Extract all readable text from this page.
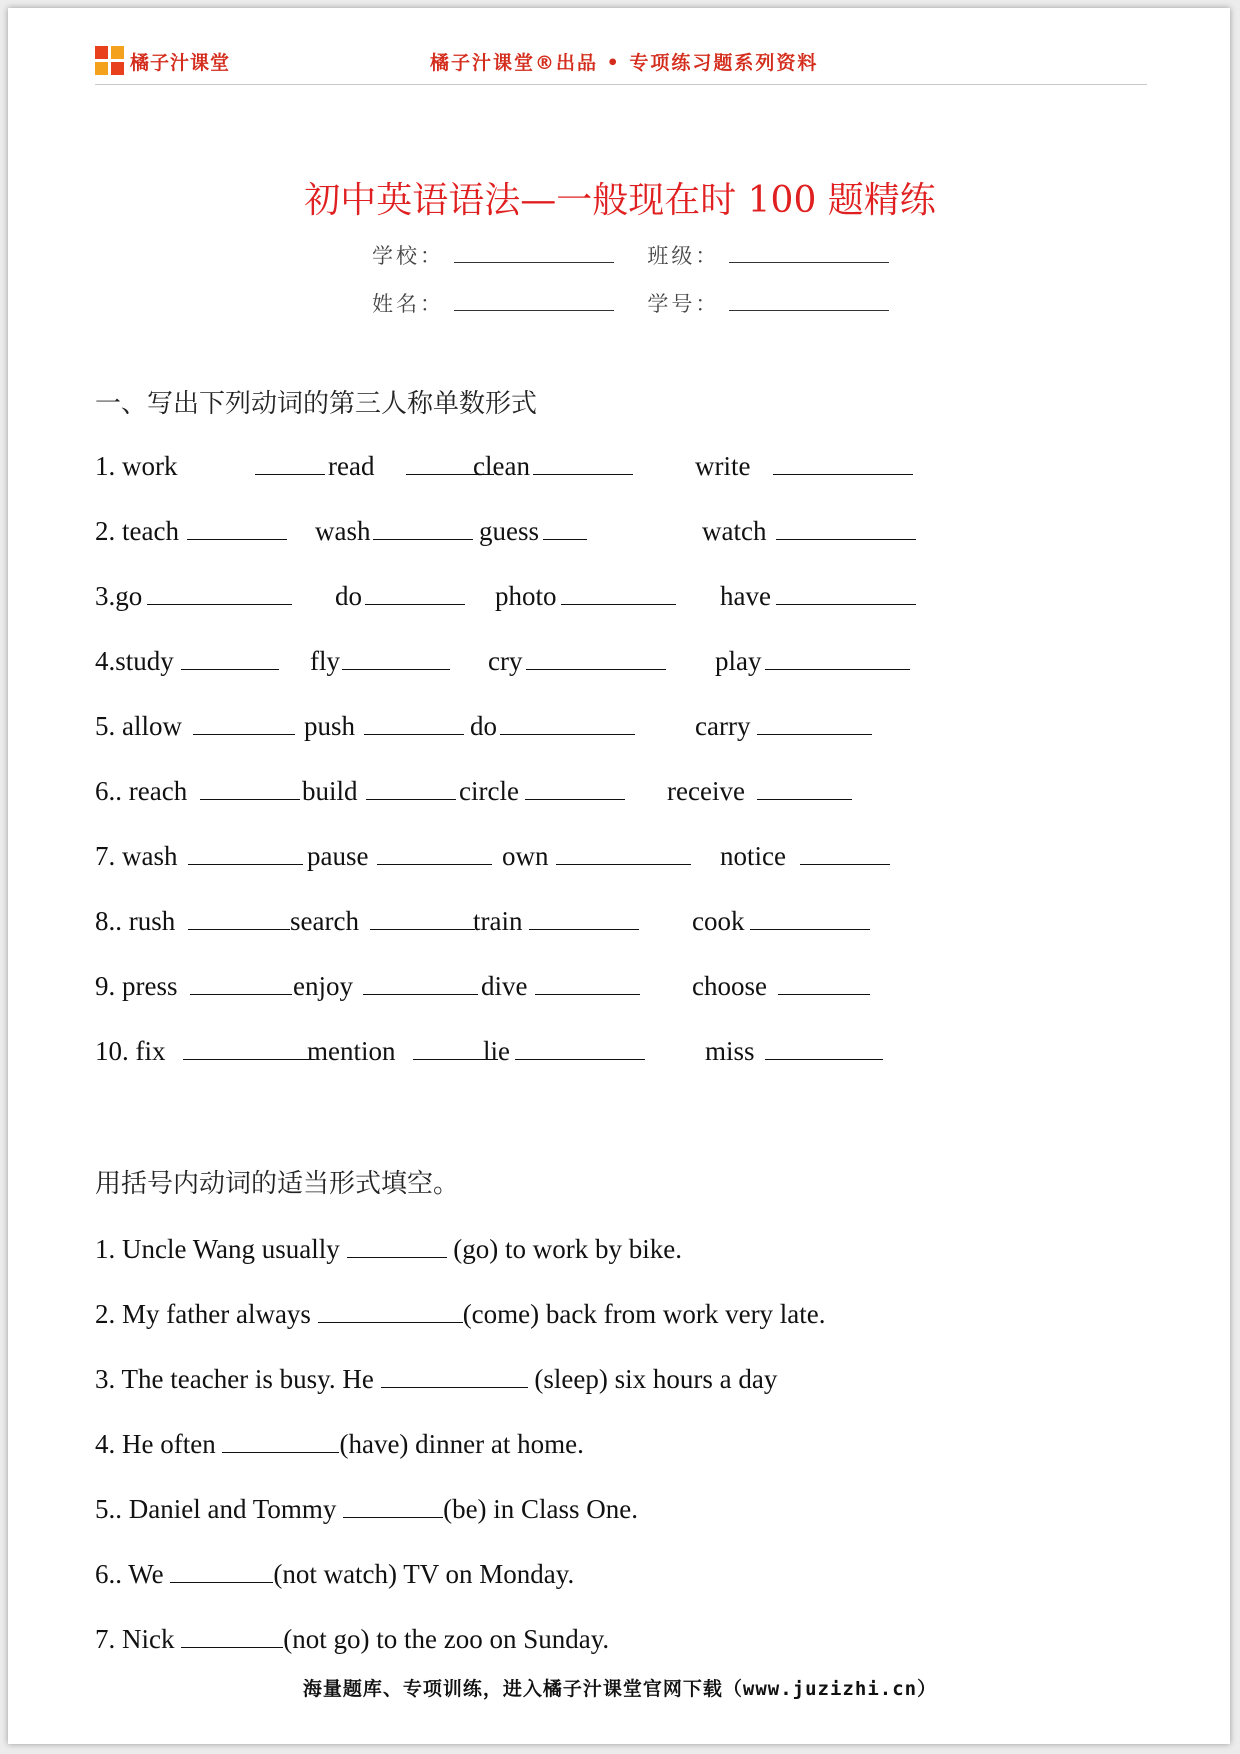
橘子汁课堂	橘子汁课堂®出品 • 专项练习题系列资料
初中英语语法—一般现在时 100 题精练
学校：	班级：
姓名：	学号：
一、写出下列动词的第三人称单数形式
1. work	read	clean	write
2. teach	wash	guess	watch
3.go	do	photo	have
4.study	fly	cry	play
5. allow	push	do	carry
6.. reach	build	circle	receive
7. wash	pause	own	notice
8.. rush	search	train	cook
9. press	enjoy	dive	choose
10. fix	mention	lie	miss
用括号内动词的适当形式填空。
1. Uncle Wang usually	(go) to work by bike.
2. My father always	(come) back from work very late.
3. The teacher is busy. He	(sleep) six hours a day
4. He often	(have) dinner at home.
5.. Daniel and Tommy	(be) in Class One.
6.. We	(not watch) TV on Monday.
7. Nick	(not go) to the zoo on Sunday.
海量题库、专项训练，进入橘子汁课堂官网下载（www.juzizhi.cn）
